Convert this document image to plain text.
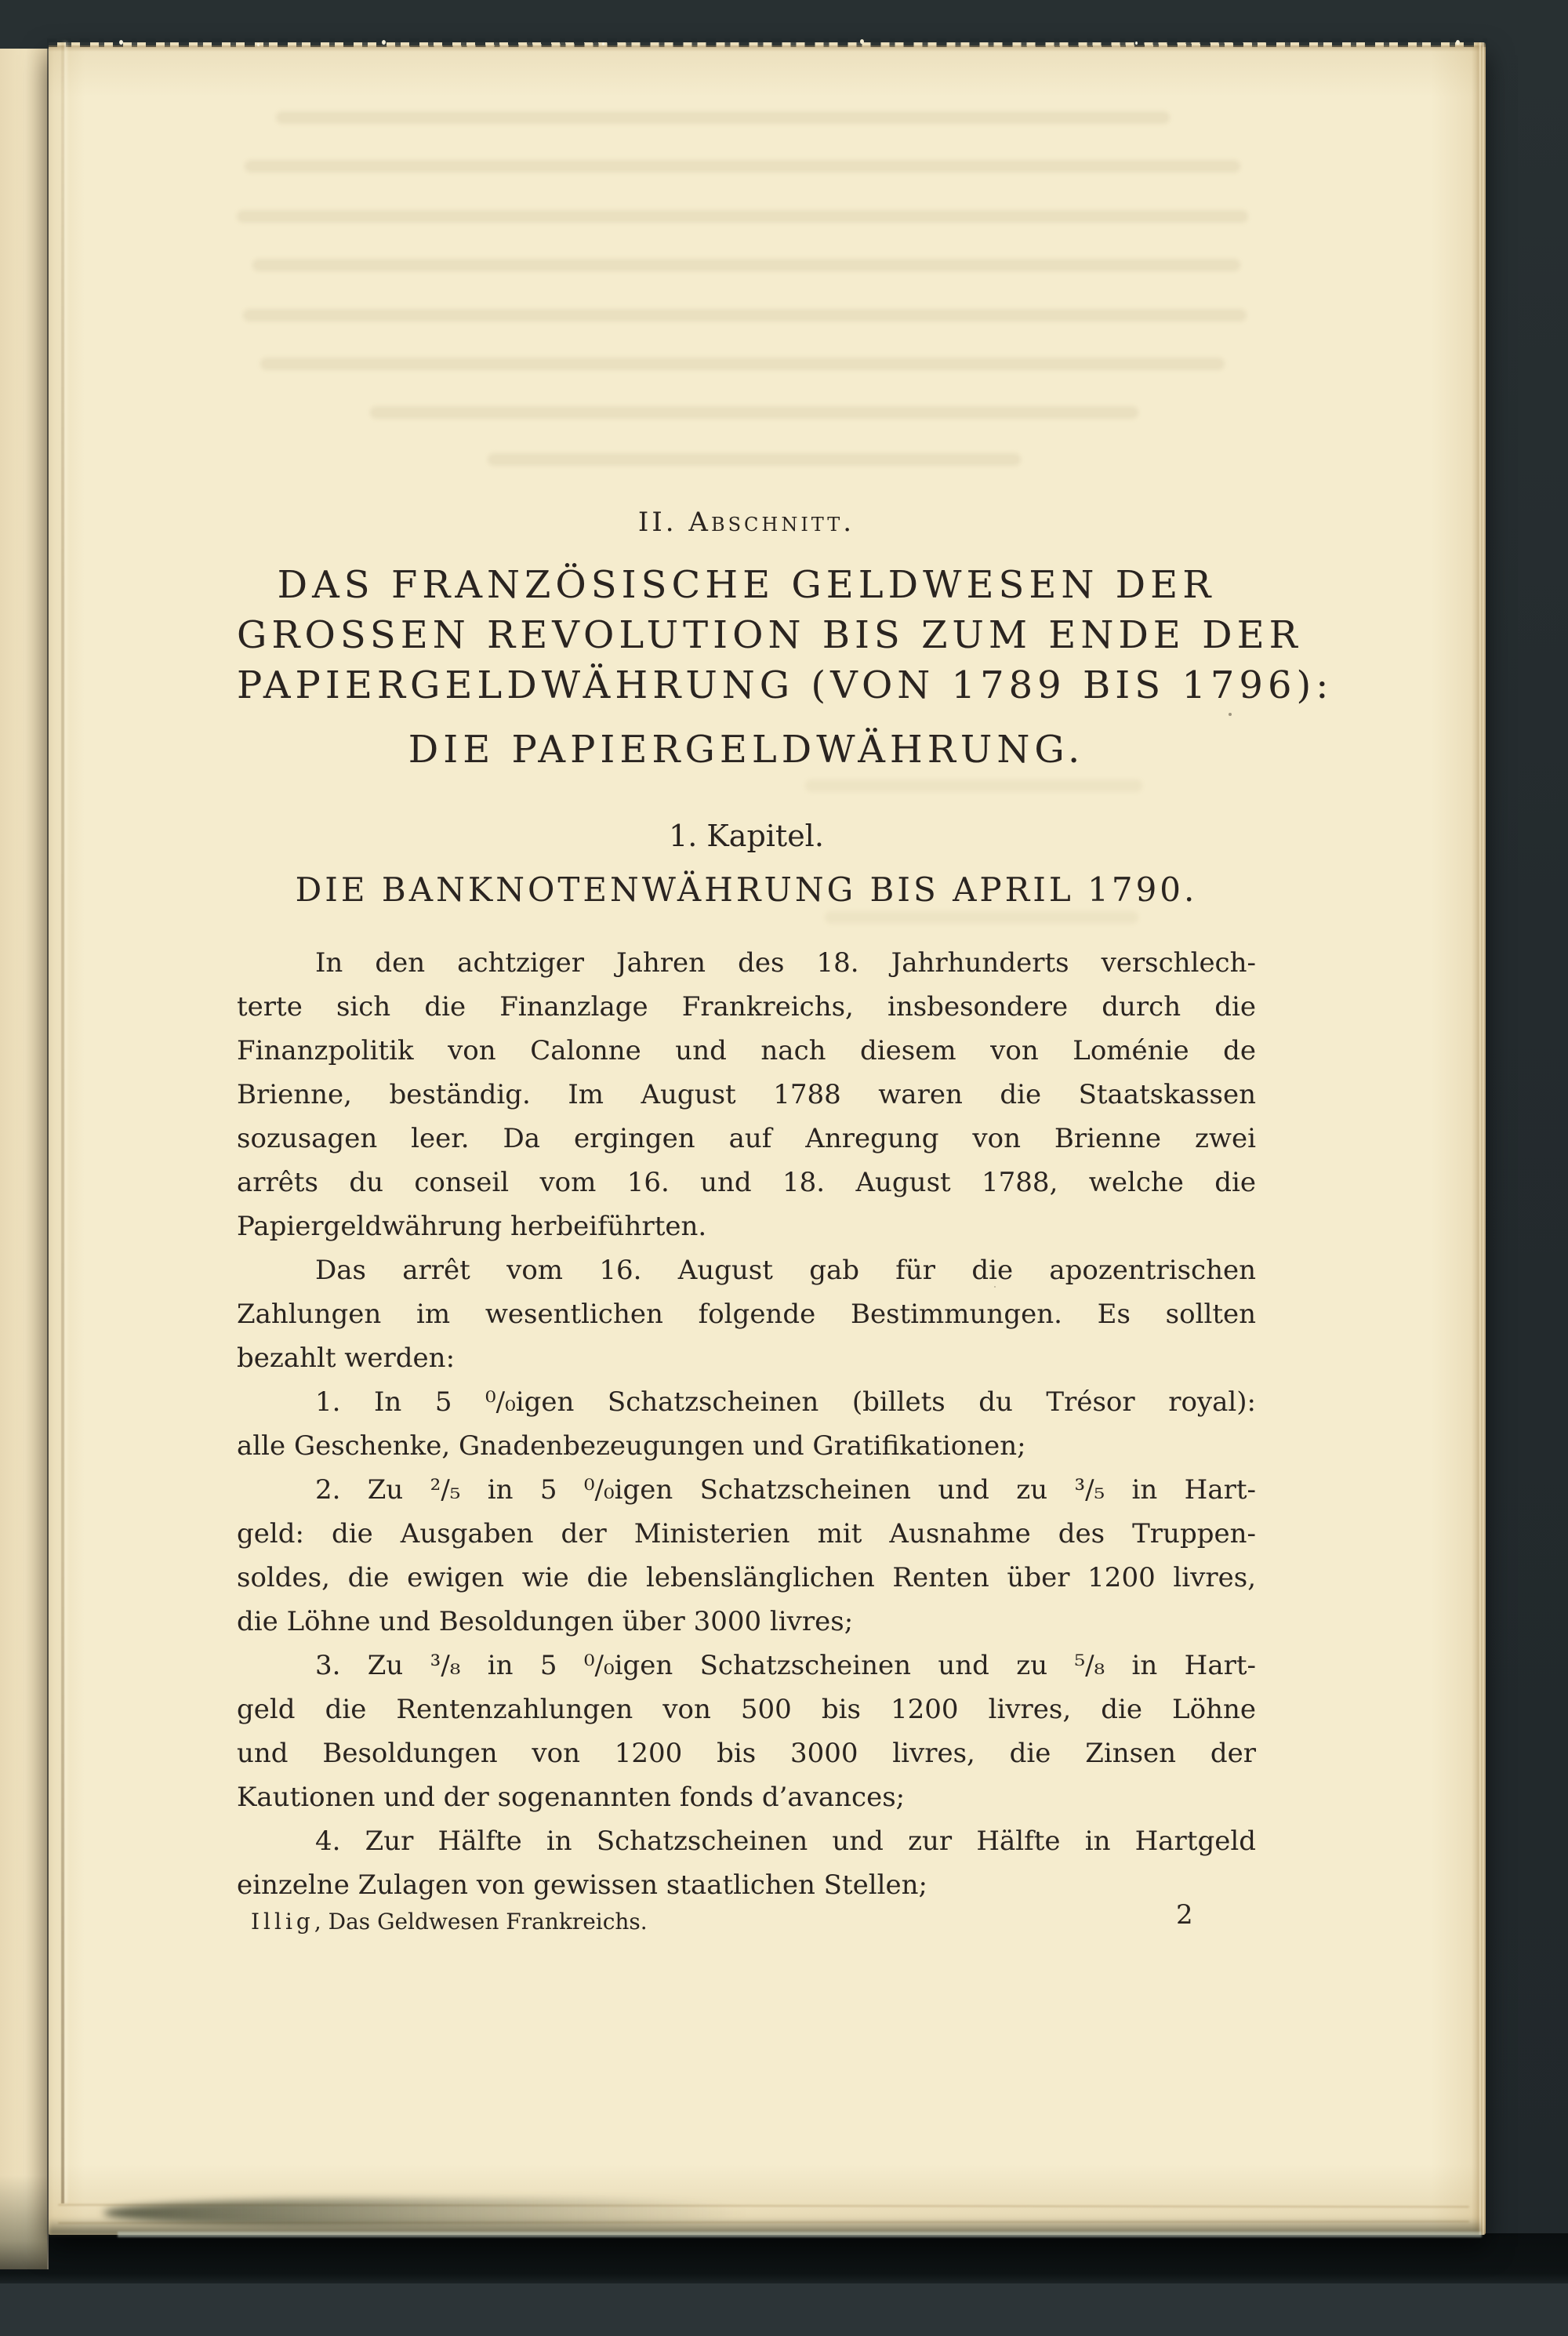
II. Abschnitt.
DAS FRANZÖSISCHE GELDWESEN DER
GROSSEN REVOLUTION BIS ZUM ENDE DER
PAPIERGELDWÄHRUNG (VON 1789 BIS 1796):
DIE PAPIERGELDWÄHRUNG.
1. Kapitel.
DIE BANKNOTENWÄHRUNG BIS APRIL 1790.
In den achtziger Jahren des 18. Jahrhunderts verschlech-
terte sich die Finanzlage Frankreichs, insbesondere durch die
Finanzpolitik von Calonne und nach diesem von Loménie de
Brienne, beständig. Im August 1788 waren die Staatskassen
sozusagen leer. Da ergingen auf Anregung von Brienne zwei
arrêts du conseil vom 16. und 18. August 1788, welche die
Papiergeldwährung herbeiführten.
Das arrêt vom 16. August gab für die apozentrischen
Zahlungen im wesentlichen folgende Bestimmungen. Es sollten
bezahlt werden:
1. In 5 ⁰/₀igen Schatzscheinen (billets du Trésor royal):
alle Geschenke, Gnadenbezeugungen und Gratifikationen;
2. Zu ²/₅ in 5 ⁰/₀igen Schatzscheinen und zu ³/₅ in Hart-
geld: die Ausgaben der Ministerien mit Ausnahme des Truppen-
soldes, die ewigen wie die lebenslänglichen Renten über 1200 livres,
die Löhne und Besoldungen über 3000 livres;
3. Zu ³/₈ in 5 ⁰/₀igen Schatzscheinen und zu ⁵/₈ in Hart-
geld die Rentenzahlungen von 500 bis 1200 livres, die Löhne
und Besoldungen von 1200 bis 3000 livres, die Zinsen der
Kautionen und der sogenannten fonds d’avances;
4. Zur Hälfte in Schatzscheinen und zur Hälfte in Hartgeld
einzelne Zulagen von gewissen staatlichen Stellen;
Illig, Das Geldwesen Frankreichs.	2
